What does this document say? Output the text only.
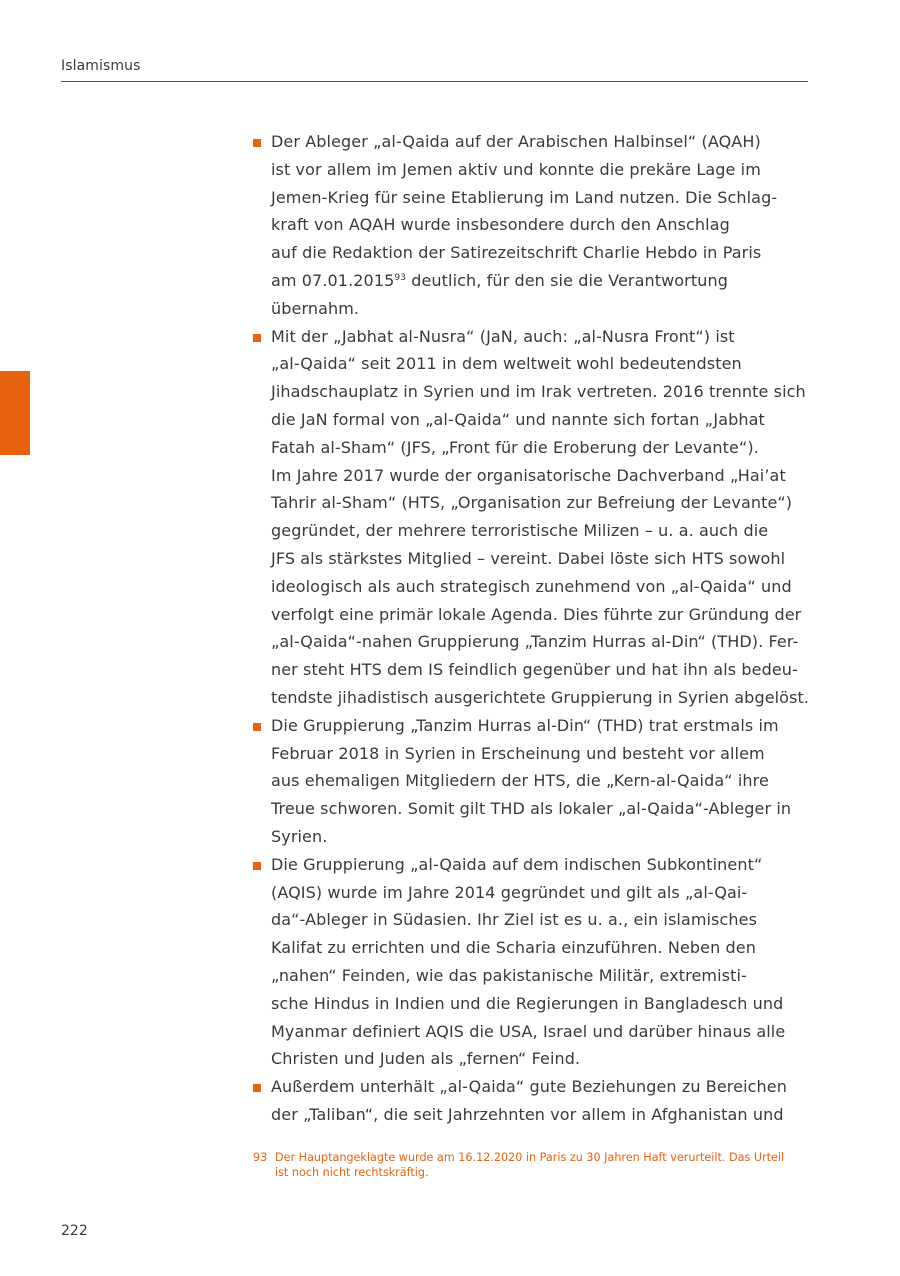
Islamismus
Der Ableger „al-Qaida auf der Arabischen Halbinsel“ (AQAH)
ist vor allem im Jemen aktiv und konnte die prekäre Lage im
Jemen-Krieg für seine Etablierung im Land nutzen. Die Schlag-
kraft von AQAH wurde insbesondere durch den Anschlag
auf die Redaktion der Satirezeitschrift Charlie Hebdo in Paris
am 07.01.2015$^{93}$ deutlich, für den sie die Verantwortung
übernahm.
Mit der „Jabhat al-Nusra“ (JaN, auch: „al-Nusra Front“) ist
„al-Qaida“ seit 2011 in dem weltweit wohl bedeutendsten
Jihadschauplatz in Syrien und im Irak vertreten. 2016 trennte sich
die JaN formal von „al-Qaida“ und nannte sich fortan „Jabhat
Fatah al-Sham“ (JFS, „Front für die Eroberung der Levante“).
Im Jahre 2017 wurde der organisatorische Dachverband „Hai’at
Tahrir al-Sham“ (HTS, „Organisation zur Befreiung der Levante“)
gegründet, der mehrere terroristische Milizen – u. a. auch die
JFS als stärkstes Mitglied – vereint. Dabei löste sich HTS sowohl
ideologisch als auch strategisch zunehmend von „al-Qaida“ und
verfolgt eine primär lokale Agenda. Dies führte zur Gründung der
„al-Qaida“-nahen Gruppierung „Tanzim Hurras al-Din“ (THD). Fer-
ner steht HTS dem IS feindlich gegenüber und hat ihn als bedeu-
tendste jihadistisch ausgerichtete Gruppierung in Syrien abgelöst.
Die Gruppierung „Tanzim Hurras al-Din“ (THD) trat erstmals im
Februar 2018 in Syrien in Erscheinung und besteht vor allem
aus ehemaligen Mitgliedern der HTS, die „Kern-al-Qaida“ ihre
Treue schworen. Somit gilt THD als lokaler „al-Qaida“-Ableger in
Syrien.
Die Gruppierung „al-Qaida auf dem indischen Subkontinent“
(AQIS) wurde im Jahre 2014 gegründet und gilt als „al-Qai-
da“-Ableger in Südasien. Ihr Ziel ist es u. a., ein islamisches
Kalifat zu errichten und die Scharia einzuführen. Neben den
„nahen“ Feinden, wie das pakistanische Militär, extremisti-
sche Hindus in Indien und die Regierungen in Bangladesch und
Myanmar definiert AQIS die USA, Israel und darüber hinaus alle
Christen und Juden als „fernen“ Feind.
Außerdem unterhält „al-Qaida“ gute Beziehungen zu Bereichen
der „Taliban“, die seit Jahrzehnten vor allem in Afghanistan und
93 Der Hauptangeklagte wurde am 16.12.2020 in Paris zu 30 Jahren Haft verurteilt. Das Urteil
ist noch nicht rechtskräftig.
222
